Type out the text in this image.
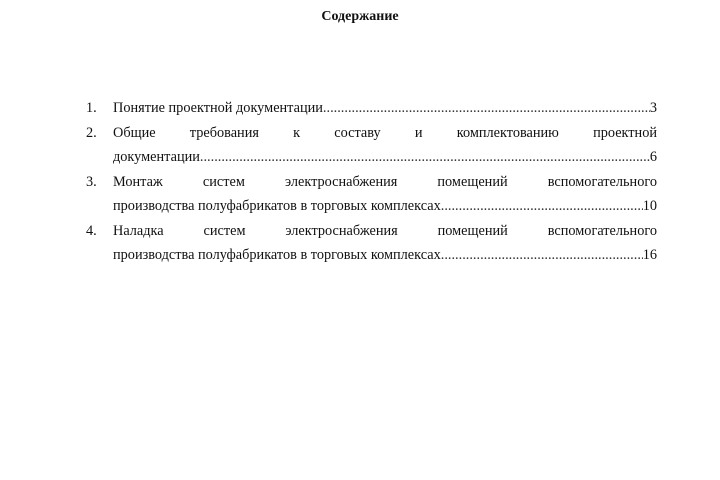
Содержание
1.	Понятие проектной документации .....	3
2.	Общие требования к составу и комплектованию проектной
документации .....	6
3.	Монтаж систем электроснабжения помещений вспомогательного
производства полуфабрикатов в торговых комплексах .....	10
4.	Наладка систем электроснабжения помещений вспомогательного
производства полуфабрикатов в торговых комплексах .....	16
